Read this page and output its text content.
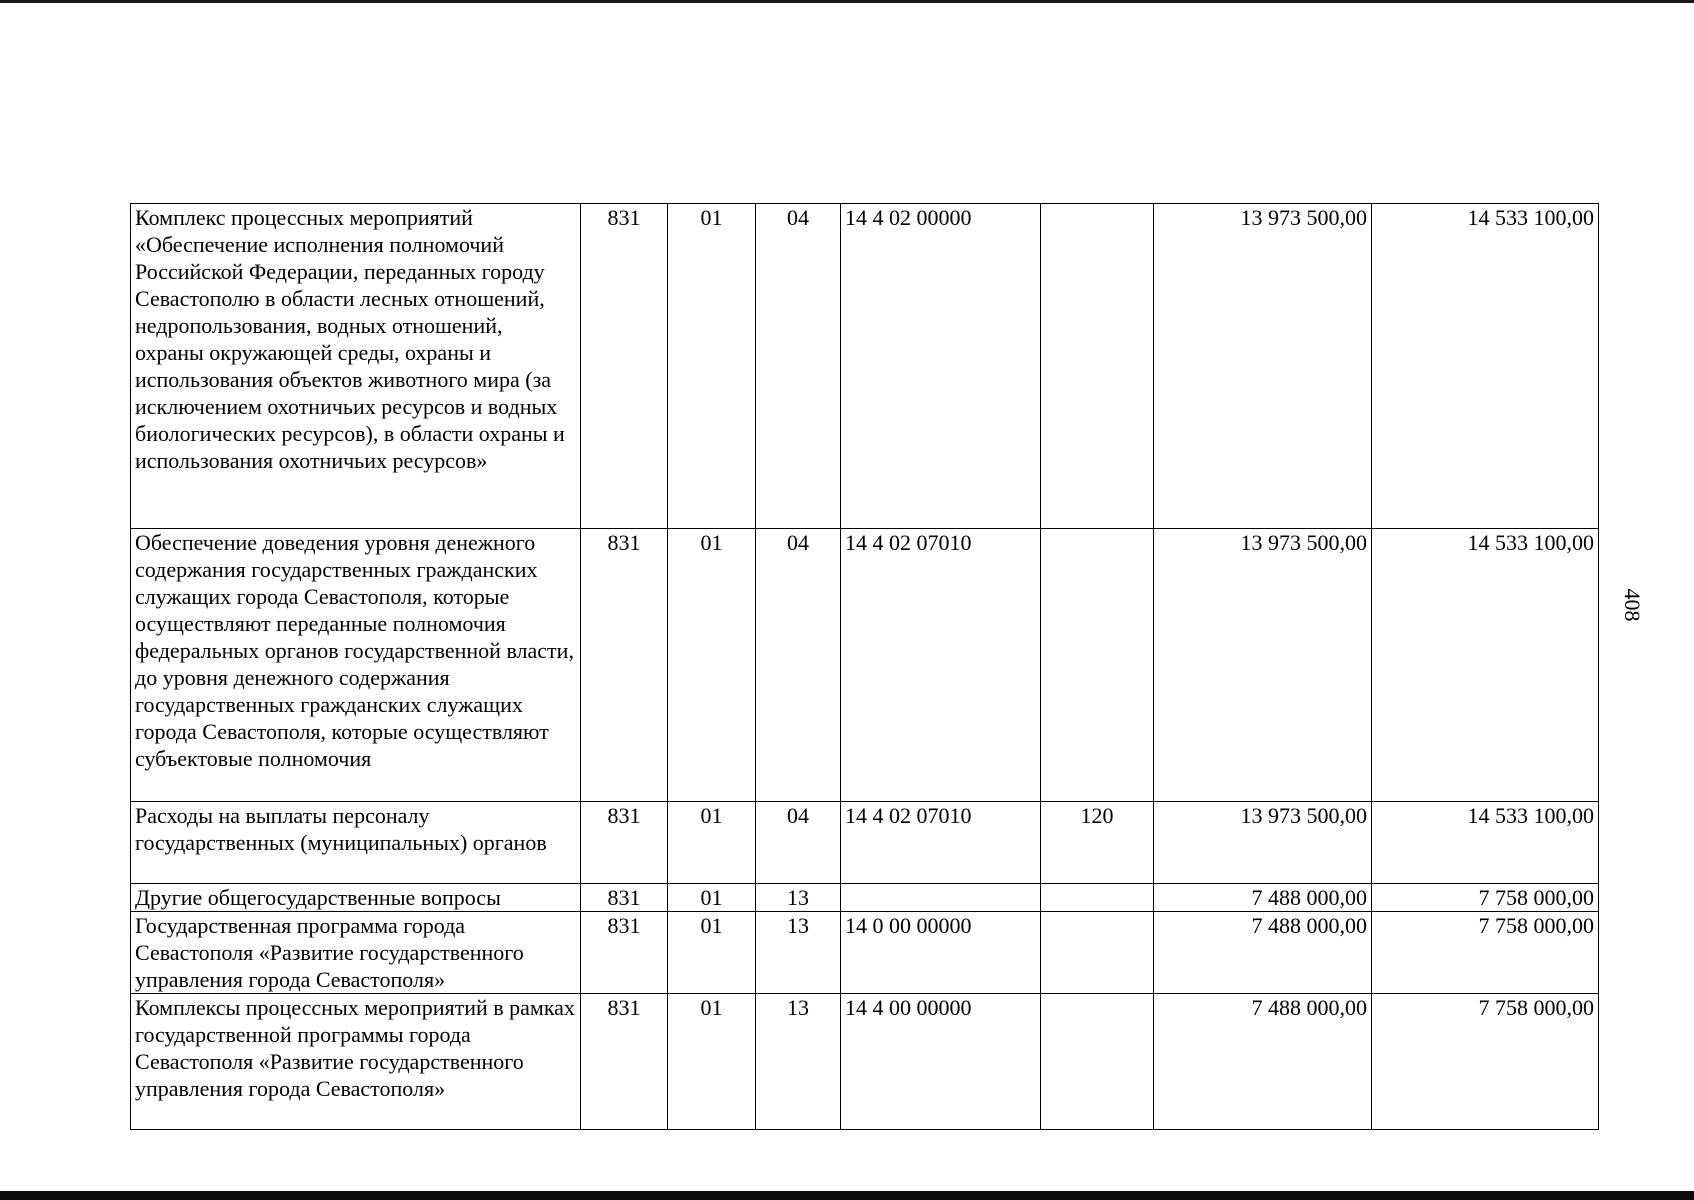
Комплекс процессных мероприятий «Обеспечение исполнения полномочий Российской Федерации, переданных городу Севастополю в области лесных отношений, недропользования, водных отношений, охраны окружающей среды, охраны и использования объектов животного мира (за исключением охотничьих ресурсов и водных биологических ресурсов), в области охраны и использования охотничьих ресурсов»	831	01	04	14 4 02 00000		13 973 500,00	14 533 100,00
Обеспечение доведения уровня денежного содержания государственных гражданских служащих города Севастополя, которые осуществляют переданные полномочия федеральных органов государственной власти, до уровня денежного содержания государственных гражданских служащих города Севастополя, которые осуществляют субъектовые полномочия	831	01	04	14 4 02 07010		13 973 500,00	14 533 100,00
Расходы на выплаты персоналу государственных (муниципальных) органов	831	01	04	14 4 02 07010	120	13 973 500,00	14 533 100,00
Другие общегосударственные вопросы	831	01	13			7 488 000,00	7 758 000,00
Государственная программа города Севастополя «Развитие государственного управления города Севастополя»	831	01	13	14 0 00 00000		7 488 000,00	7 758 000,00
Комплексы процессных мероприятий в рамках государственной программы города Севастополя «Развитие государственного управления города Севастополя»	831	01	13	14 4 00 00000		7 488 000,00	7 758 000,00
408
